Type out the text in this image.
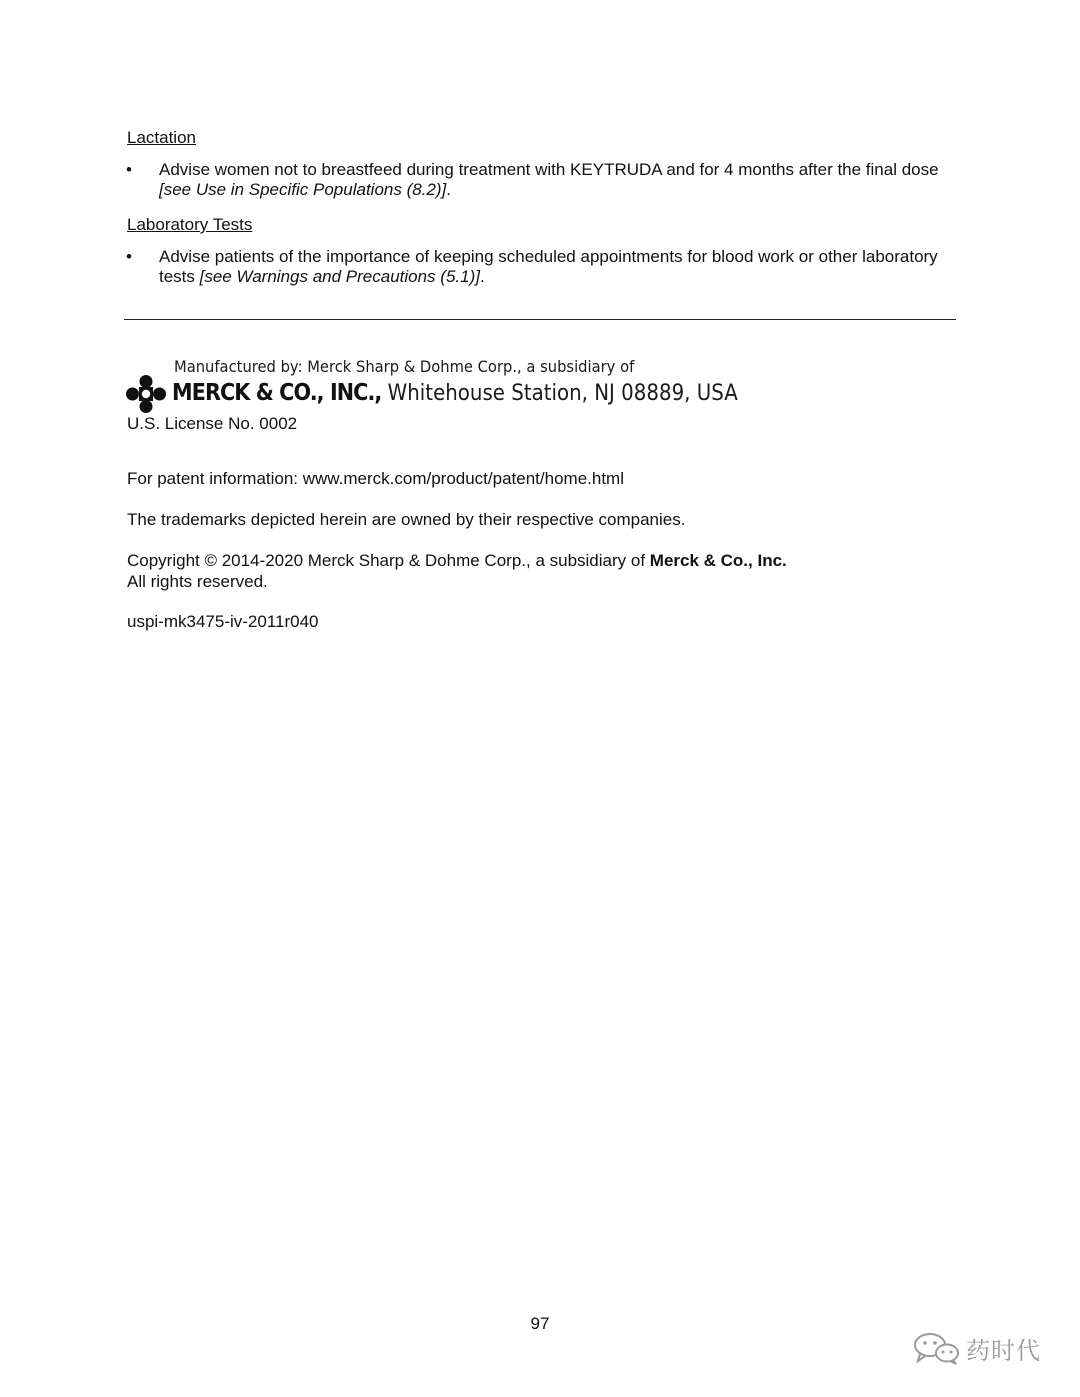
Lactation
• Advise women not to breastfeed during treatment with KEYTRUDA and for 4 months after the final dose [see Use in Specific Populations (8.2)].
Laboratory Tests
• Advise patients of the importance of keeping scheduled appointments for blood work or other laboratory tests [see Warnings and Precautions (5.1)].
Manufactured by: Merck Sharp & Dohme Corp., a subsidiary of
MERCK & CO., INC., Whitehouse Station, NJ 08889, USA
U.S. License No. 0002
For patent information: www.merck.com/product/patent/home.html
The trademarks depicted herein are owned by their respective companies.
Copyright © 2014-2020 Merck Sharp & Dohme Corp., a subsidiary of Merck & Co., Inc.
All rights reserved.
uspi-mk3475-iv-2011r040
97
药时代
